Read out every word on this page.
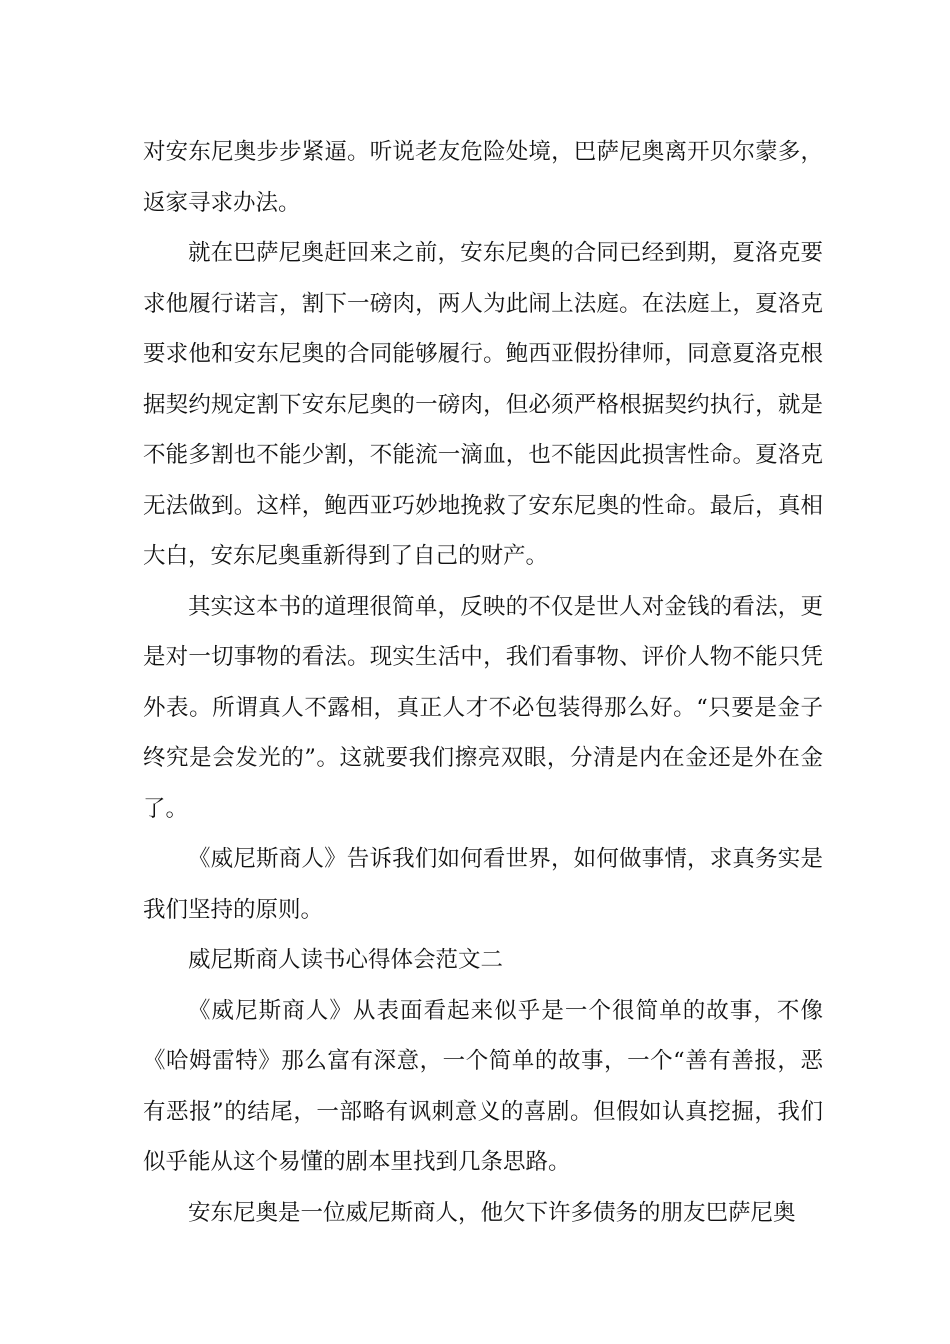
对安东尼奥步步紧逼。听说老友危险处境，巴萨尼奥离开贝尔蒙多，返家寻求办法。

就在巴萨尼奥赶回来之前，安东尼奥的合同已经到期，夏洛克要求他履行诺言，割下一磅肉，两人为此闹上法庭。在法庭上，夏洛克要求他和安东尼奥的合同能够履行。鲍西亚假扮律师，同意夏洛克根据契约规定割下安东尼奥的一磅肉，但必须严格根据契约执行，就是不能多割也不能少割，不能流一滴血，也不能因此损害性命。夏洛克无法做到。这样，鲍西亚巧妙地挽救了安东尼奥的性命。最后，真相大白，安东尼奥重新得到了自己的财产。

其实这本书的道理很简单，反映的不仅是世人对金钱的看法，更是对一切事物的看法。现实生活中，我们看事物、评价人物不能只凭外表。所谓真人不露相，真正人才不必包装得那么好。“只要是金子终究是会发光的”。这就要我们擦亮双眼，分清是内在金还是外在金了。

《威尼斯商人》告诉我们如何看世界，如何做事情，求真务实是我们坚持的原则。

威尼斯商人读书心得体会范文二

《威尼斯商人》从表面看起来似乎是一个很简单的故事，不像《哈姆雷特》那么富有深意，一个简单的故事，一个“善有善报，恶有恶报”的结尾，一部略有讽刺意义的喜剧。但假如认真挖掘，我们似乎能从这个易懂的剧本里找到几条思路。

安东尼奥是一位威尼斯商人，他欠下许多债务的朋友巴萨尼奥
